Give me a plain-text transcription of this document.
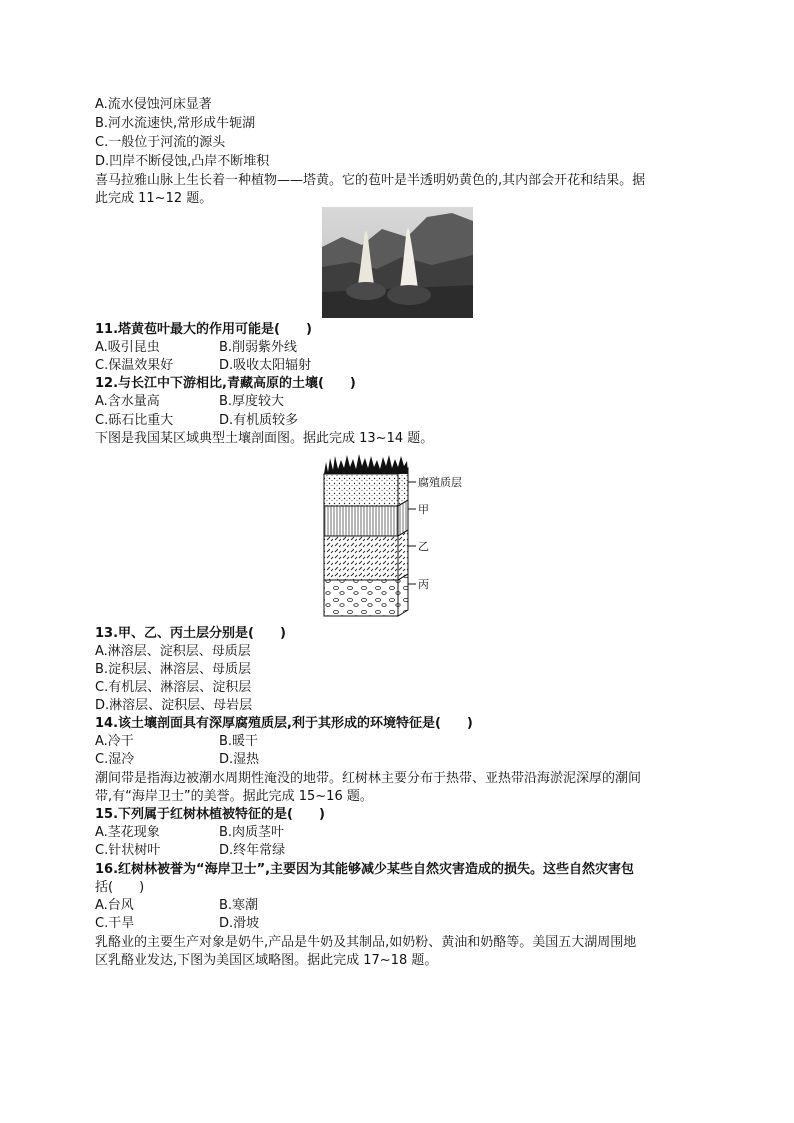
A.流水侵蚀河床显著
B.河水流速快,常形成牛轭湖
C.一般位于河流的源头
D.凹岸不断侵蚀,凸岸不断堆积
喜马拉雅山脉上生长着一种植物——塔黄。它的苞叶是半透明奶黄色的,其内部会开花和结果。据
此完成 11~12 题。
11.塔黄苞叶最大的作用可能是(　　)
A.吸引昆虫	B.削弱紫外线
C.保温效果好	D.吸收太阳辐射
12.与长江中下游相比,青藏高原的土壤(　　)
A.含水量高	B.厚度较大
C.砾石比重大	D.有机质较多
下图是我国某区域典型土壤剖面图。据此完成 13~14 题。
腐殖质层
甲
乙
丙
13.甲、乙、丙土层分别是(　　)
A.淋溶层、淀积层、母质层
B.淀积层、淋溶层、母质层
C.有机层、淋溶层、淀积层
D.淋溶层、淀积层、母岩层
14.该土壤剖面具有深厚腐殖质层,利于其形成的环境特征是(　　)
A.冷干	B.暖干
C.湿冷	D.湿热
潮间带是指海边被潮水周期性淹没的地带。红树林主要分布于热带、亚热带沿海淤泥深厚的潮间
带,有“海岸卫士”的美誉。据此完成 15~16 题。
15.下列属于红树林植被特征的是(　　)
A.茎花现象	B.肉质茎叶
C.针状树叶	D.终年常绿
16.红树林被誉为“海岸卫士”,主要因为其能够减少某些自然灾害造成的损失。这些自然灾害包
括(　　)
A.台风	B.寒潮
C.干旱	D.滑坡
乳酪业的主要生产对象是奶牛,产品是牛奶及其制品,如奶粉、黄油和奶酪等。美国五大湖周围地
区乳酪业发达,下图为美国区域略图。据此完成 17~18 题。
